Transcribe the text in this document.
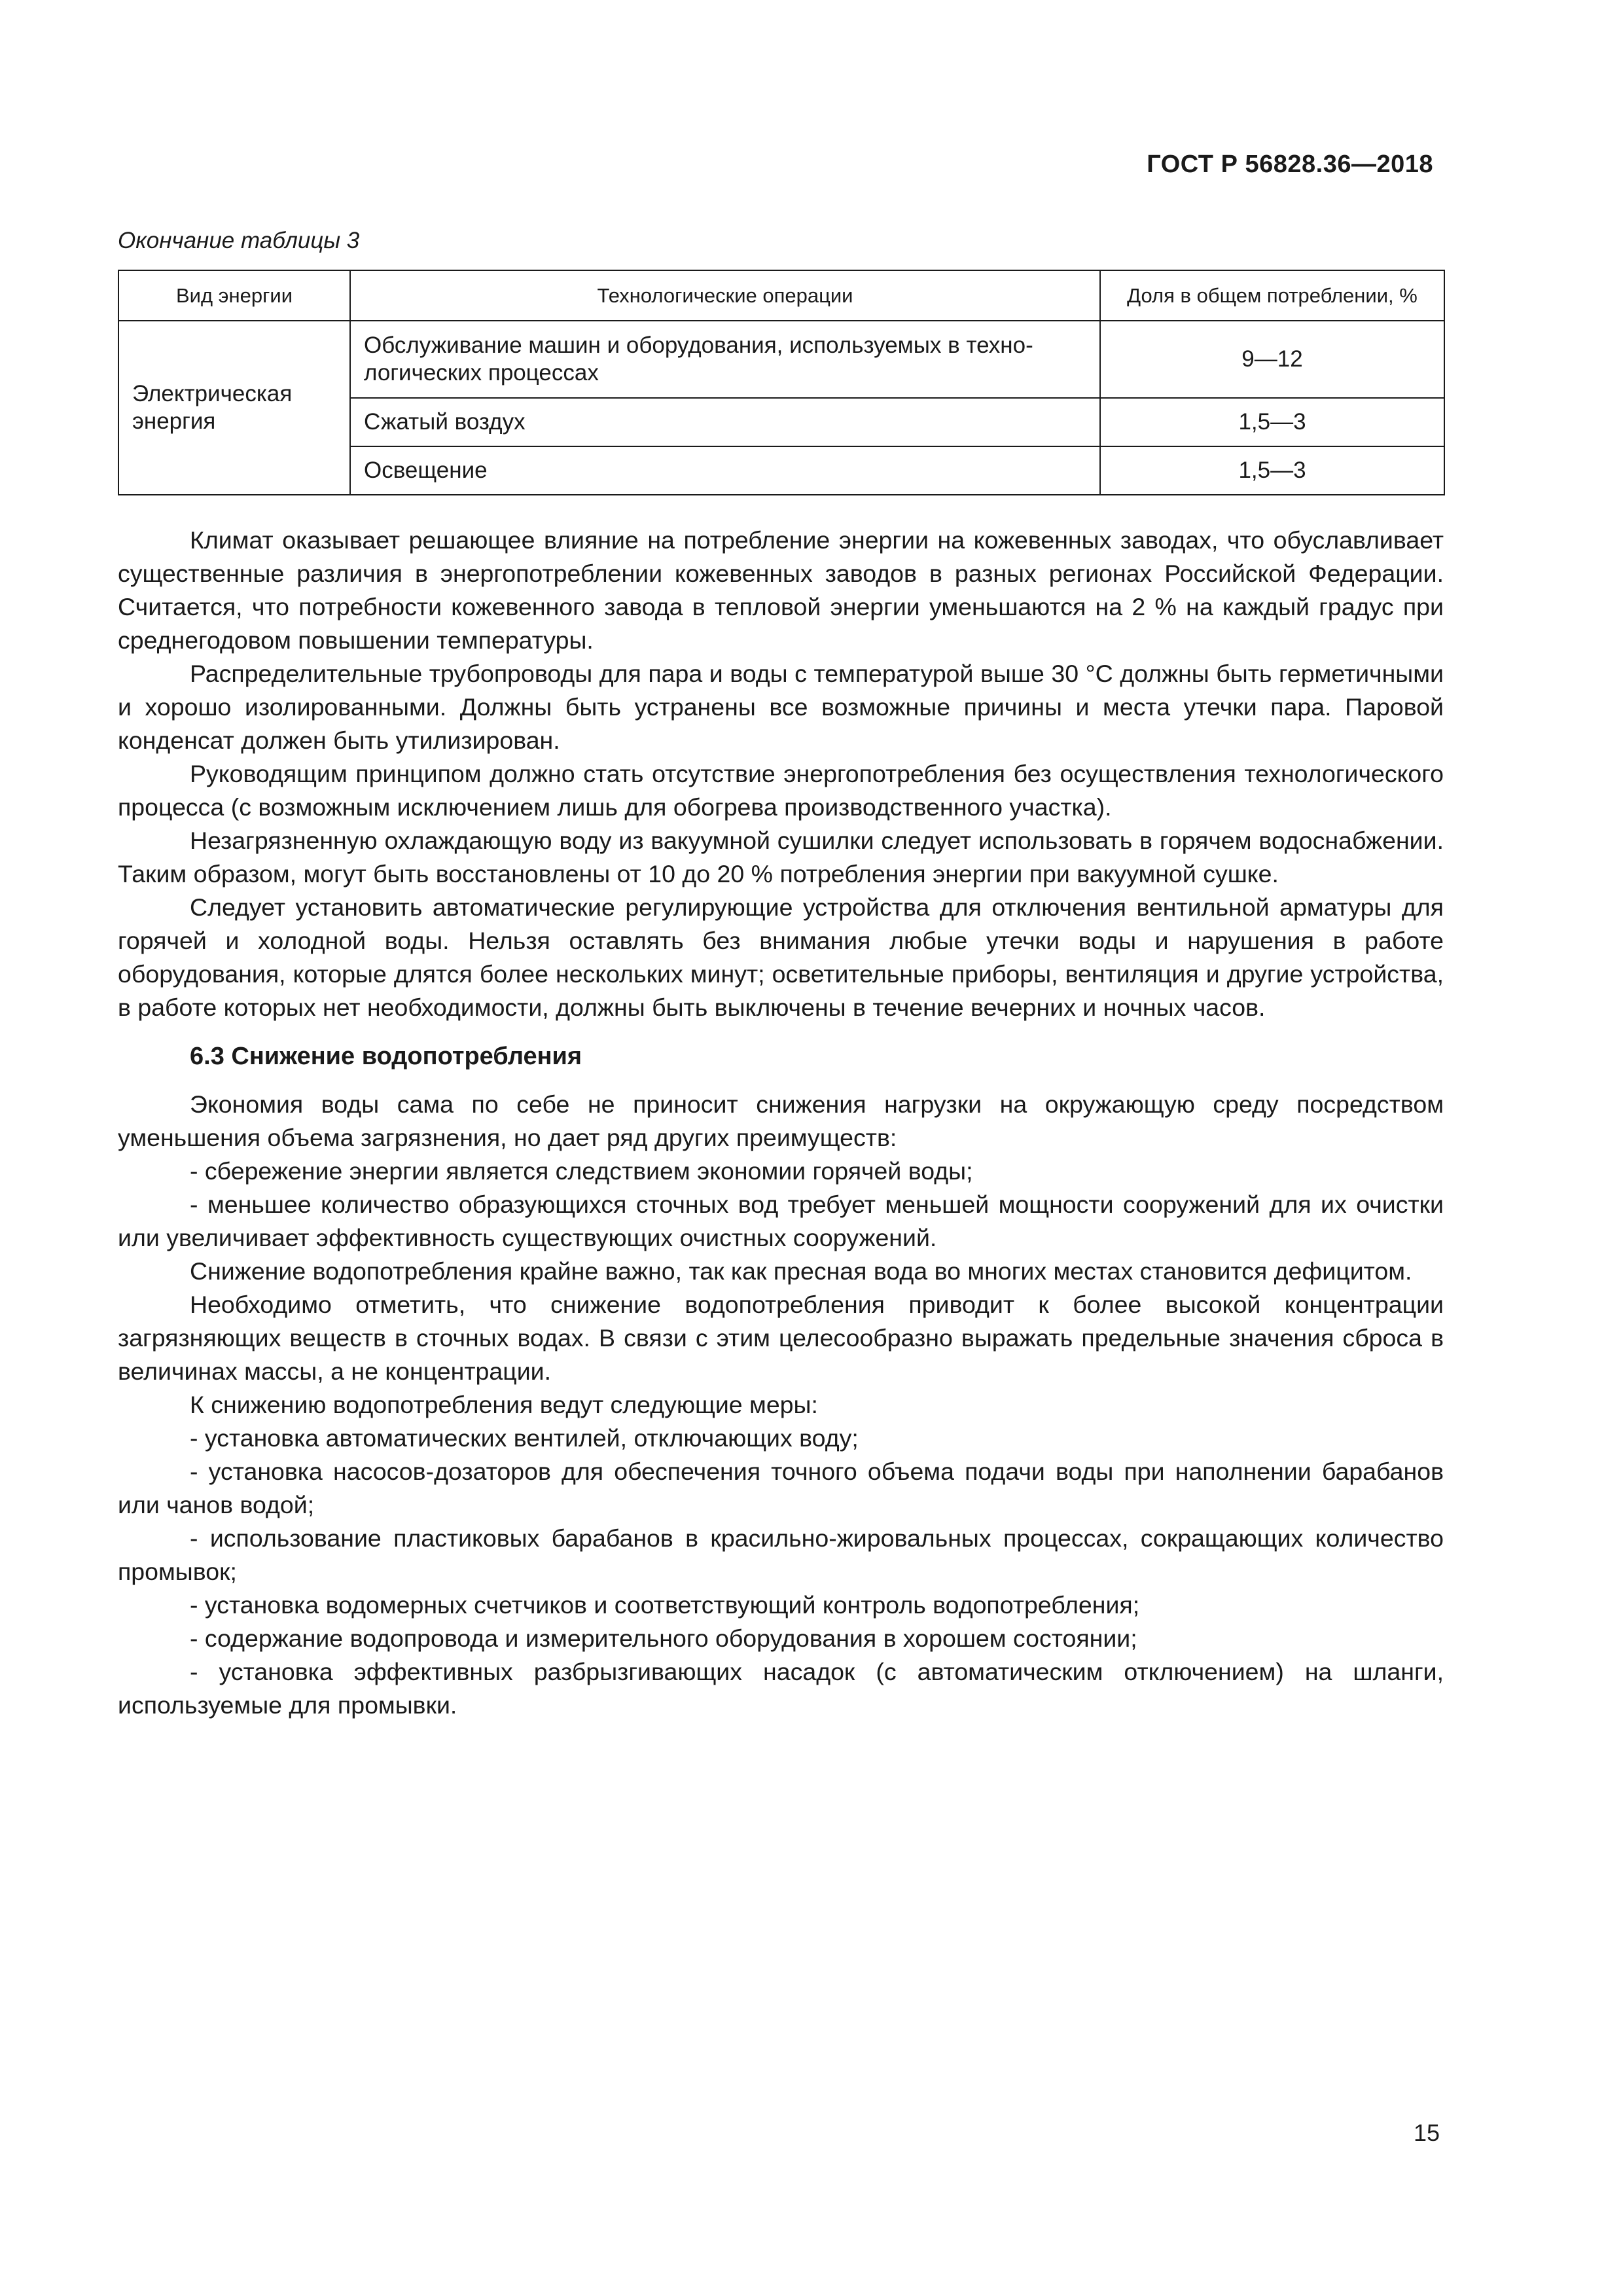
ГОСТ Р 56828.36—2018
Окончание таблицы 3
Вид энергии	Технологические операции	Доля в общем потреблении, %
Электрическая энергия	Обслуживание машин и оборудования, используемых в техно-логических процессах	9—12
	Сжатый воздух	1,5—3
	Освещение	1,5—3

Климат оказывает решающее влияние на потребление энергии на кожевенных заводах, что обуславливает существенные различия в энергопотреблении кожевенных заводов в разных регионах Российской Федерации. Считается, что потребности кожевенного завода в тепловой энергии уменьшаются на 2 % на каждый градус при среднегодовом повышении температуры.

Распределительные трубопроводы для пара и воды с температурой выше 30 °С должны быть герметичными и хорошо изолированными. Должны быть устранены все возможные причины и места утечки пара. Паровой конденсат должен быть утилизирован.

Руководящим принципом должно стать отсутствие энергопотребления без осуществления технологического процесса (с возможным исключением лишь для обогрева производственного участка).

Незагрязненную охлаждающую воду из вакуумной сушилки следует использовать в горячем водоснабжении. Таким образом, могут быть восстановлены от 10 до 20 % потребления энергии при вакуумной сушке.

Следует установить автоматические регулирующие устройства для отключения вентильной арматуры для горячей и холодной воды. Нельзя оставлять без внимания любые утечки воды и нарушения в работе оборудования, которые длятся более нескольких минут; осветительные приборы, вентиляция и другие устройства, в работе которых нет необходимости, должны быть выключены в течение вечерних и ночных часов.

6.3 Снижение водопотребления

Экономия воды сама по себе не приносит снижения нагрузки на окружающую среду посредством уменьшения объема загрязнения, но дает ряд других преимуществ:

- сбережение энергии является следствием экономии горячей воды;

- меньшее количество образующихся сточных вод требует меньшей мощности сооружений для их очистки или увеличивает эффективность существующих очистных сооружений.

Снижение водопотребления крайне важно, так как пресная вода во многих местах становится дефицитом.

Необходимо отметить, что снижение водопотребления приводит к более высокой концентрации загрязняющих веществ в сточных водах. В связи с этим целесообразно выражать предельные значения сброса в величинах массы, а не концентрации.

К снижению водопотребления ведут следующие меры:

- установка автоматических вентилей, отключающих воду;

- установка насосов-дозаторов для обеспечения точного объема подачи воды при наполнении барабанов или чанов водой;

- использование пластиковых барабанов в красильно-жировальных процессах, сокращающих количество промывок;

- установка водомерных счетчиков и соответствующий контроль водопотребления;

- содержание водопровода и измерительного оборудования в хорошем состоянии;

- установка эффективных разбрызгивающих насадок (с автоматическим отключением) на шланги, используемые для промывки.

15
